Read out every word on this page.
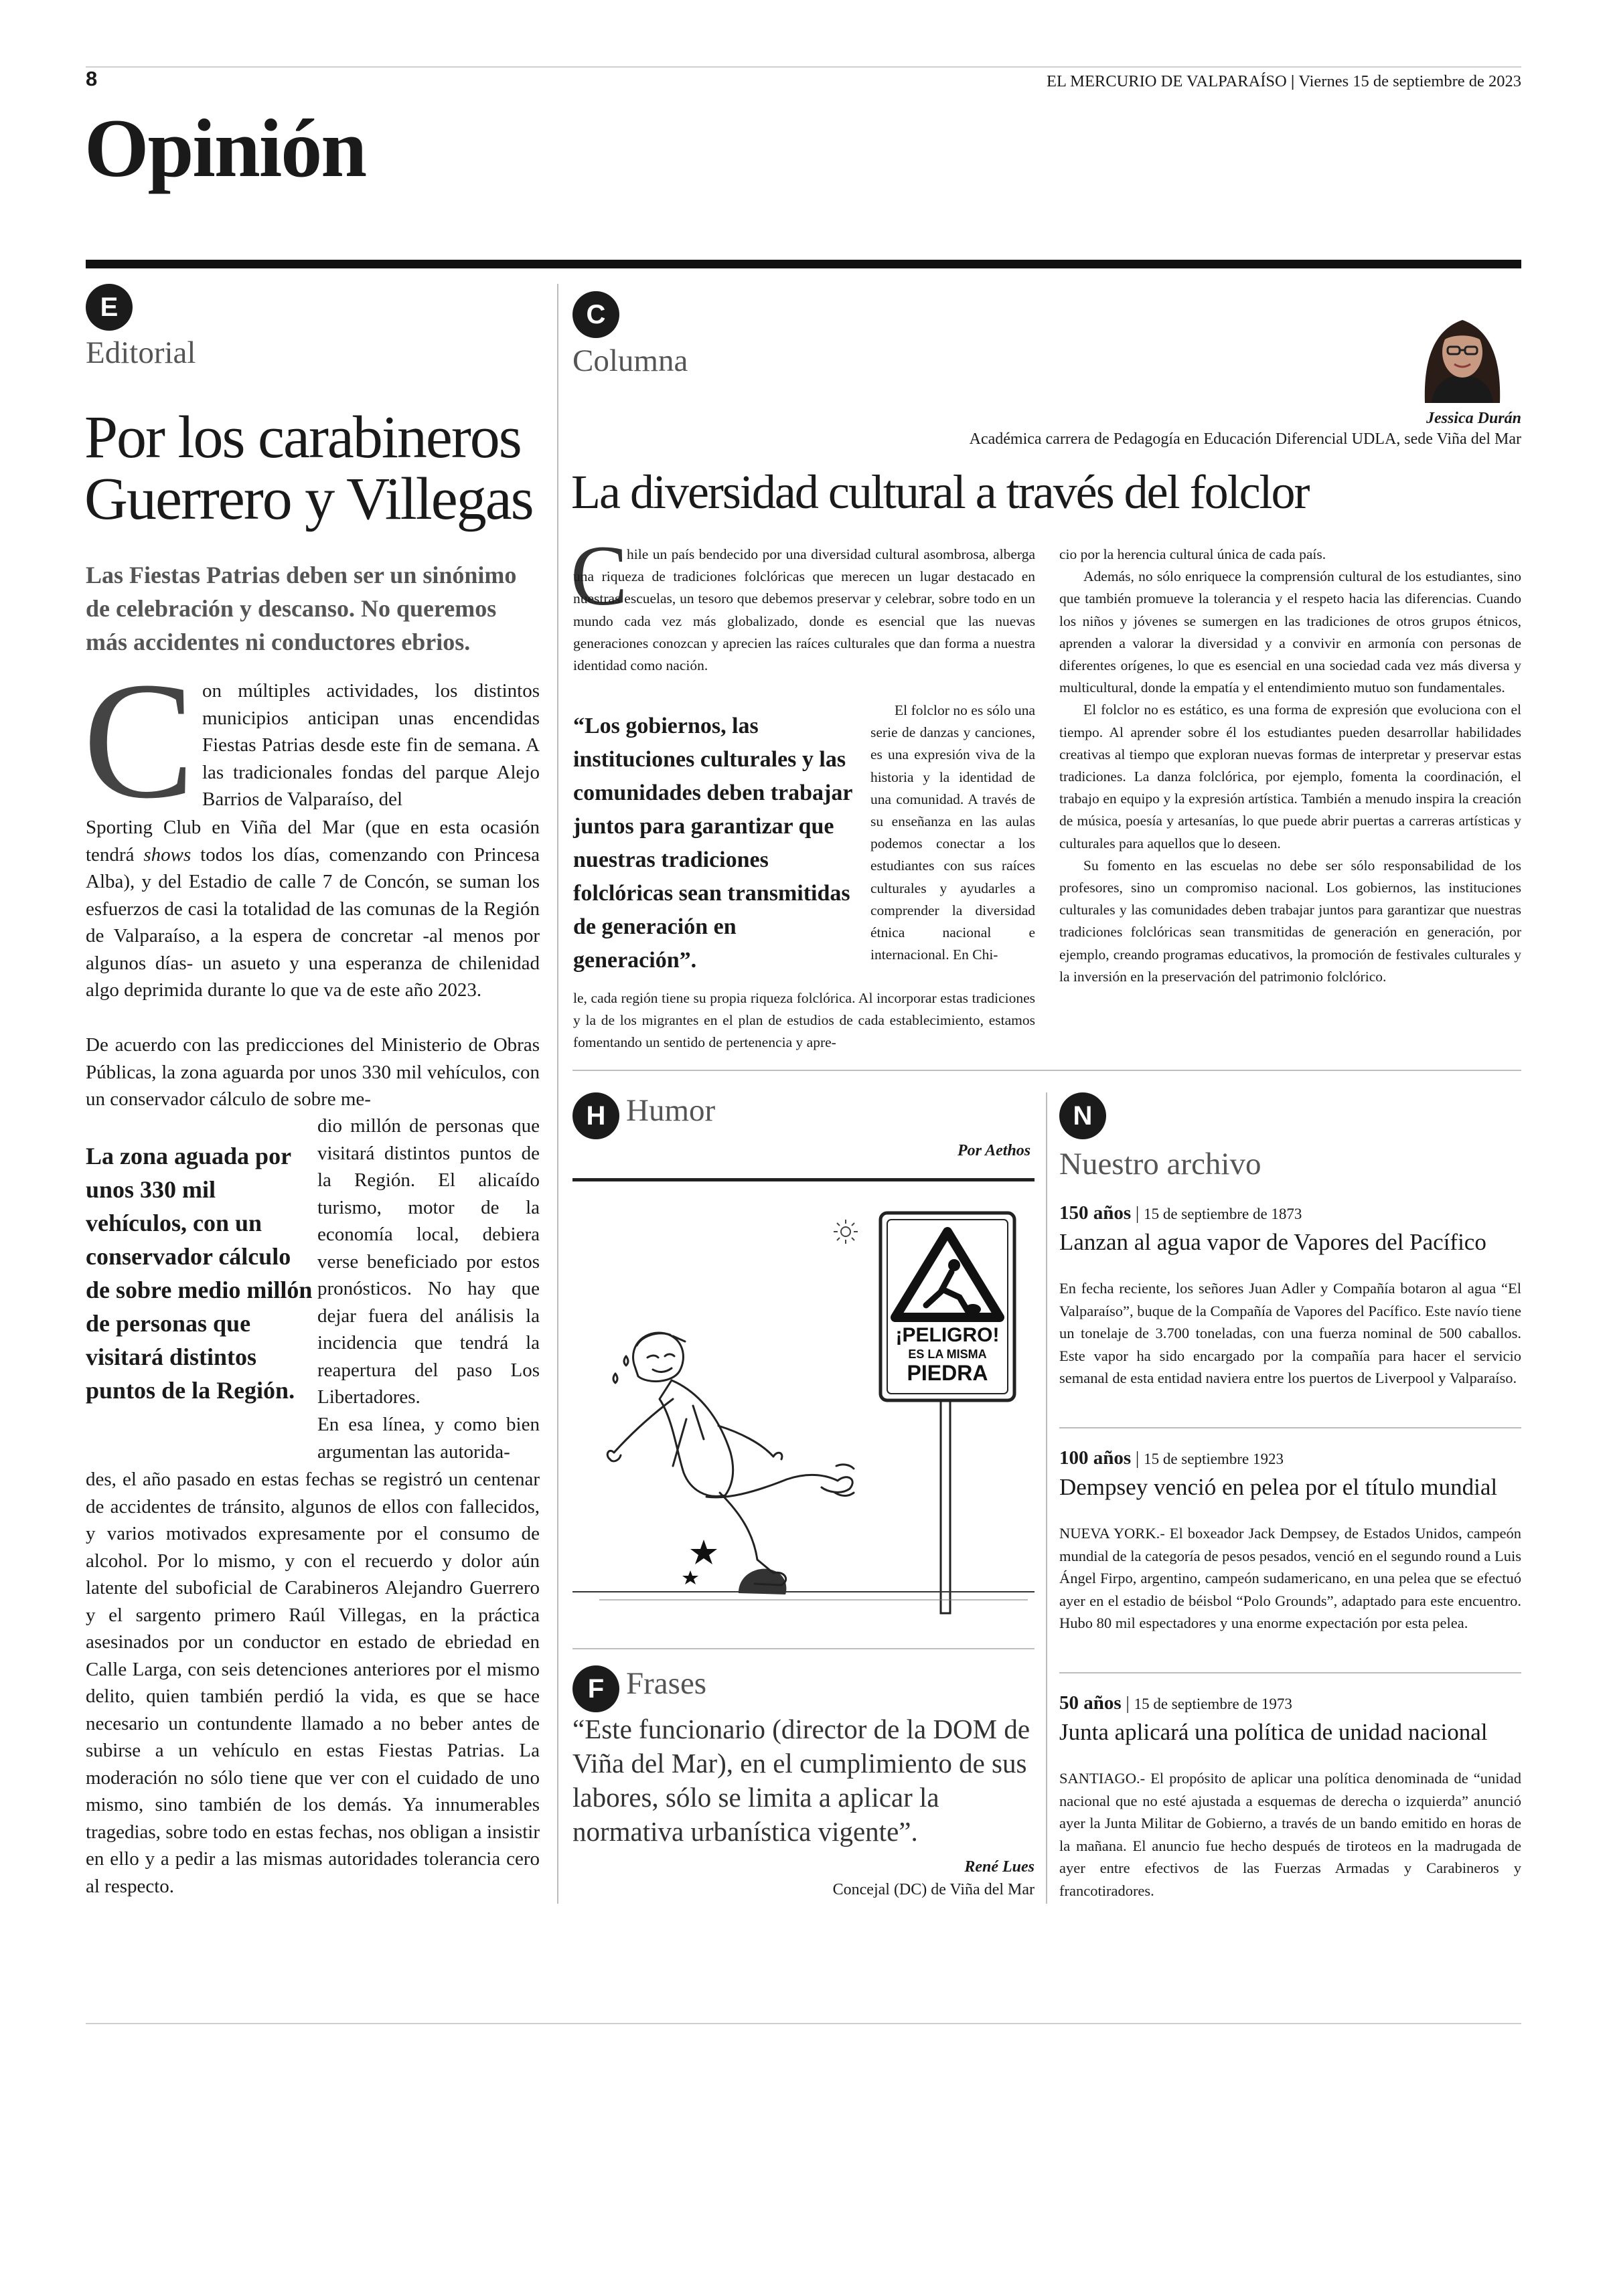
8	EL MERCURIO DE VALPARAÍSO | Viernes 15 de septiembre de 2023
Opinión
E
Editorial
Por los carabineros
Guerrero y Villegas
Las Fiestas Patrias deben ser un sinónimo
de celebración y descanso. No queremos
más accidentes ni conductores ebrios.
C on múltiples actividades, los distintos municipios anticipan unas encendidas Fiestas Patrias desde este fin de semana. A las tradicionales fondas del parque Alejo Barrios de Valparaíso, del
Sporting Club en Viña del Mar (que en esta ocasión tendrá shows todos los días, comenzando con Princesa Alba), y del Estadio de calle 7 de Concón, se suman los esfuerzos de casi la totalidad de las comunas de la Región de Valparaíso, a la espera de concretar -al menos por algunos días- un asueto y una esperanza de chilenidad algo deprimida durante lo que va de este año 2023.
De acuerdo con las predicciones del Ministerio de Obras Públicas, la zona aguarda por unos 330 mil vehículos, con un conservador cálculo de sobre me-
La zona aguada por unos 330 mil vehículos, con un conservador cálculo de sobre medio millón de personas que visitará distintos puntos de la Región.
dio millón de personas que visitará distintos puntos de la Región. El alicaído turismo, motor de la economía local, debiera verse beneficiado por estos pronósticos. No hay que dejar fuera del análisis la incidencia que tendrá la reapertura del paso Los Libertadores.
En esa línea, y como bien argumentan las autorida-
des, el año pasado en estas fechas se registró un centenar de accidentes de tránsito, algunos de ellos con fallecidos, y varios motivados expresamente por el consumo de alcohol. Por lo mismo, y con el recuerdo y dolor aún latente del suboficial de Carabineros Alejandro Guerrero y el sargento primero Raúl Villegas, en la práctica asesinados por un conductor en estado de ebriedad en Calle Larga, con seis detenciones anteriores por el mismo delito, quien también perdió la vida, es que se hace necesario un contundente llamado a no beber antes de subirse a un vehículo en estas Fiestas Patrias. La moderación no sólo tiene que ver con el cuidado de uno mismo, sino también de los demás. Ya innumerables tragedias, sobre todo en estas fechas, nos obligan a insistir en ello y a pedir a las mismas autoridades tolerancia cero al respecto.
C
Columna
Jessica Durán
Académica carrera de Pedagogía en Educación Diferencial UDLA, sede Viña del Mar
La diversidad cultural a través del folclor
C
hile un país bendecido por una diversidad cultural asombrosa, alberga una riqueza de tradiciones folclóricas que merecen un lugar destacado en nuestras escuelas, un tesoro que debemos preservar y celebrar, sobre todo en un mundo cada vez más globalizado, donde es esencial que las nuevas generaciones conozcan y aprecien las raíces culturales que dan forma a nuestra identidad como nación.
“Los gobiernos, las instituciones culturales y las comunidades deben trabajar juntos para garantizar que nuestras tradiciones folclóricas sean transmitidas de generación en generación”.
El folclor no es sólo una serie de danzas y canciones, es una expresión viva de la historia y la identidad de una comunidad. A través de su enseñanza en las aulas podemos conectar a los estudiantes con sus raíces culturales y ayudarles a comprender la diversidad étnica nacional e internacional. En Chi-
le, cada región tiene su propia riqueza folclórica. Al incorporar estas tradiciones y la de los migrantes en el plan de estudios de cada establecimiento, estamos fomentando un sentido de pertenencia y apre-

cio por la herencia cultural única de cada país.

Además, no sólo enriquece la comprensión cultural de los estudiantes, sino que también promueve la tolerancia y el respeto hacia las diferencias. Cuando los niños y jóvenes se sumergen en las tradiciones de otros grupos étnicos, aprenden a valorar la diversidad y a convivir en armonía con personas de diferentes orígenes, lo que es esencial en una sociedad cada vez más diversa y multicultural, donde la empatía y el entendimiento mutuo son fundamentales.

El folclor no es estático, es una forma de expresión que evoluciona con el tiempo. Al aprender sobre él los estudiantes pueden desarrollar habilidades creativas al tiempo que exploran nuevas formas de interpretar y preservar estas tradiciones. La danza folclórica, por ejemplo, fomenta la coordinación, el trabajo en equipo y la expresión artística. También a menudo inspira la creación de música, poesía y artesanías, lo que puede abrir puertas a carreras artísticas y culturales para aquellos que lo deseen.

Su fomento en las escuelas no debe ser sólo responsabilidad de los profesores, sino un compromiso nacional. Los gobiernos, las instituciones culturales y las comunidades deben trabajar juntos para garantizar que nuestras tradiciones folclóricas sean transmitidas de generación en generación, por ejemplo, creando programas educativos, la promoción de festivales culturales y la inversión en la preservación del patrimonio folclórico.

H Humor
Por Aethos
¡PELIGRO!
ES LA MISMA
PIEDRA
F Frases
“Este funcionario (director de la DOM de Viña del Mar), en el cumplimiento de sus labores, sólo se limita a aplicar la normativa urbanística vigente”.
René Lues
Concejal (DC) de Viña del Mar
N
Nuestro archivo
150 años | 15 de septiembre de 1873
Lanzan al agua vapor de Vapores del Pacífico
En fecha reciente, los señores Juan Adler y Compañía botaron al agua “El Valparaíso”, buque de la Compañía de Vapores del Pacífico. Este navío tiene un tonelaje de 3.700 toneladas, con una fuerza nominal de 500 caballos. Este vapor ha sido encargado por la compañía para hacer el servicio semanal de esta entidad naviera entre los puertos de Liverpool y Valparaíso.
100 años | 15 de septiembre 1923
Dempsey venció en pelea por el título mundial
NUEVA YORK.- El boxeador Jack Dempsey, de Estados Unidos, campeón mundial de la categoría de pesos pesados, venció en el segundo round a Luis Ángel Firpo, argentino, campeón sudamericano, en una pelea que se efectuó ayer en el estadio de béisbol “Polo Grounds”, adaptado para este encuentro. Hubo 80 mil espectadores y una enorme expectación por esta pelea.
50 años | 15 de septiembre de 1973
Junta aplicará una política de unidad nacional
SANTIAGO.- El propósito de aplicar una política denominada de “unidad nacional que no esté ajustada a esquemas de derecha o izquierda” anunció ayer la Junta Militar de Gobierno, a través de un bando emitido en horas de la mañana. El anuncio fue hecho después de tiroteos en la madrugada de ayer entre efectivos de las Fuerzas Armadas y Carabineros y francotiradores.
